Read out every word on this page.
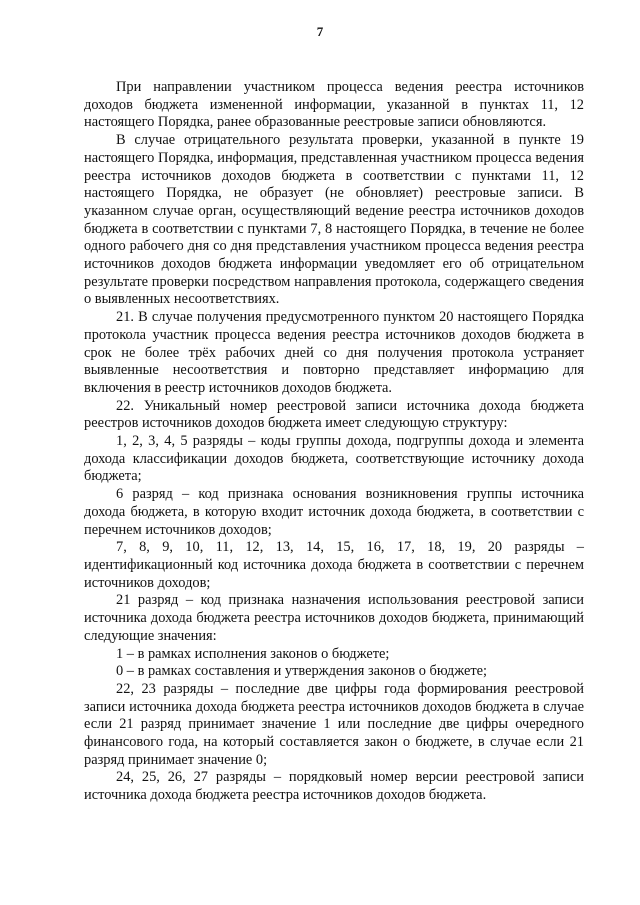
7

При направлении участником процесса ведения реестра источников доходов бюджета измененной информации, указанной в пунктах 11, 12 настоящего Порядка, ранее образованные реестровые записи обновляются.

В случае отрицательного результата проверки, указанной в пункте 19 настоящего Порядка, информация, представленная участником процесса ведения реестра источников доходов бюджета в соответствии с пунктами 11, 12 настоящего Порядка, не образует (не обновляет) реестровые записи. В указанном случае орган, осуществляющий ведение реестра источников доходов бюджета в соответствии с пунктами 7, 8 настоящего Порядка, в течение не более одного рабочего дня со дня представления участником процесса ведения реестра источников доходов бюджета информации уведомляет его об отрицательном результате проверки посредством направления протокола, содержащего сведения о выявленных несоответствиях.

21. В случае получения предусмотренного пунктом 20 настоящего Порядка протокола участник процесса ведения реестра источников доходов бюджета в срок не более трёх рабочих дней со дня получения протокола устраняет выявленные несоответствия и повторно представляет информацию для включения в реестр источников доходов бюджета.

22. Уникальный номер реестровой записи источника дохода бюджета реестров источников доходов бюджета имеет следующую структуру:

1, 2, 3, 4, 5 разряды – коды группы дохода, подгруппы дохода и элемента дохода классификации доходов бюджета, соответствующие источнику дохода бюджета;

6 разряд – код признака основания возникновения группы источника дохода бюджета, в которую входит источник дохода бюджета, в соответствии с перечнем источников доходов;

7, 8, 9, 10, 11, 12, 13, 14, 15, 16, 17, 18, 19, 20 разряды – идентификационный код источника дохода бюджета в соответствии с перечнем источников доходов;

21 разряд – код признака назначения использования реестровой записи источника дохода бюджета реестра источников доходов бюджета, принимающий следующие значения:

1 – в рамках исполнения законов о бюджете;

0 – в рамках составления и утверждения законов о бюджете;

22, 23 разряды – последние две цифры года формирования реестровой записи источника дохода бюджета реестра источников доходов бюджета в случае если 21 разряд принимает значение 1 или последние две цифры очередного финансового года, на который составляется закон о бюджете, в случае если 21 разряд принимает значение 0;

24, 25, 26, 27 разряды – порядковый номер версии реестровой записи источника дохода бюджета реестра источников доходов бюджета.
